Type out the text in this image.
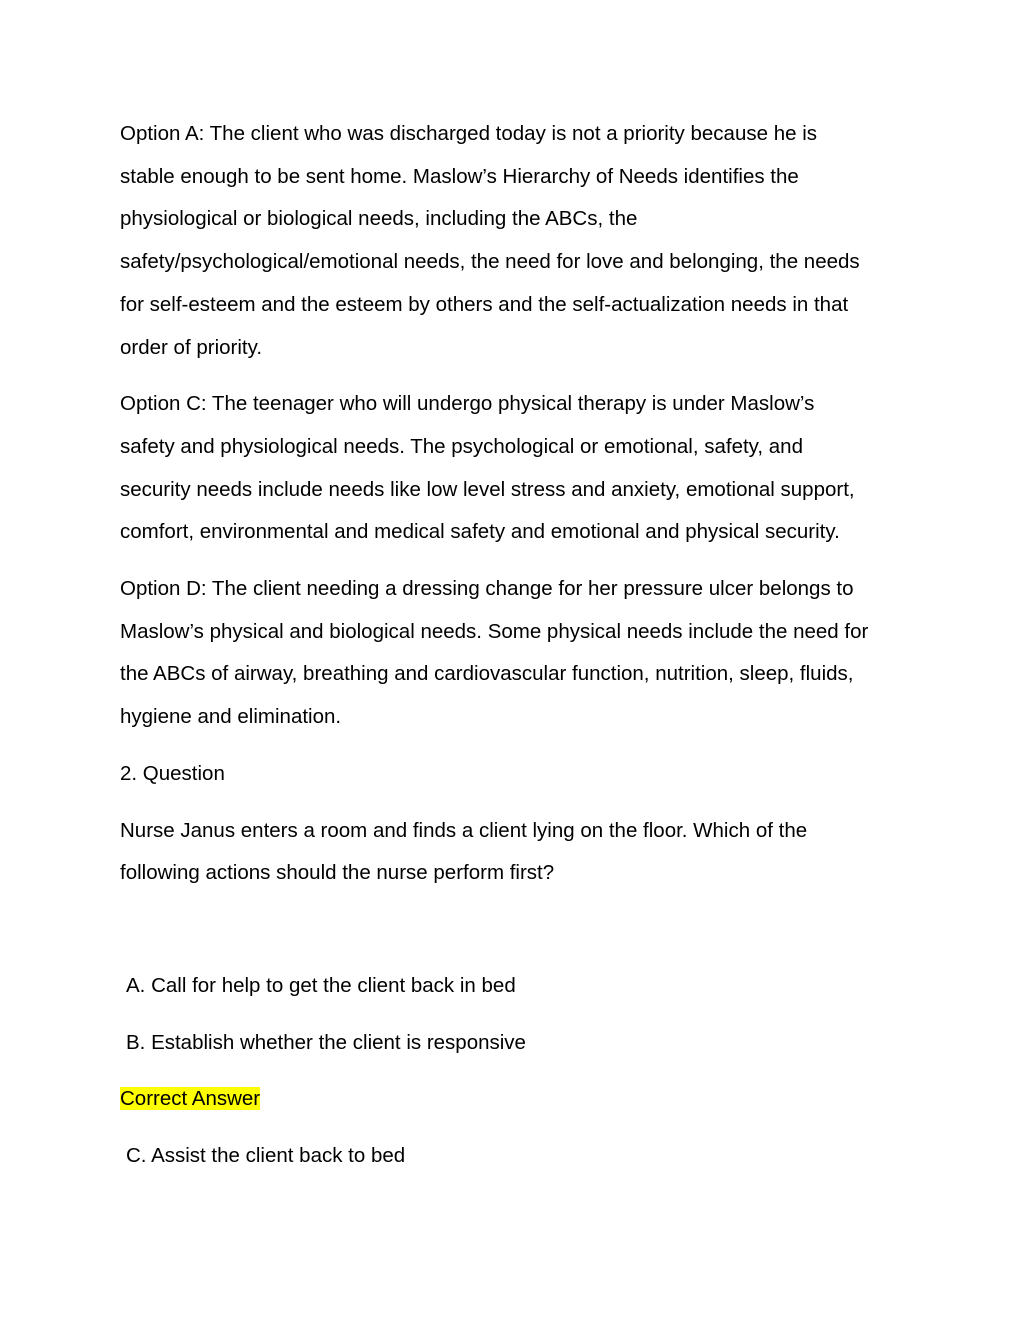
Option A: The client who was discharged today is not a priority because he is
stable enough to be sent home. Maslow’s Hierarchy of Needs identifies the
physiological or biological needs, including the ABCs, the
safety/psychological/emotional needs, the need for love and belonging, the needs
for self-esteem and the esteem by others and the self-actualization needs in that
order of priority.

Option C: The teenager who will undergo physical therapy is under Maslow’s
safety and physiological needs. The psychological or emotional, safety, and
security needs include needs like low level stress and anxiety, emotional support,
comfort, environmental and medical safety and emotional and physical security.

Option D: The client needing a dressing change for her pressure ulcer belongs to
Maslow’s physical and biological needs. Some physical needs include the need for
the ABCs of airway, breathing and cardiovascular function, nutrition, sleep, fluids,
hygiene and elimination.

2. Question

Nurse Janus enters a room and finds a client lying on the floor. Which of the
following actions should the nurse perform first?

A. Call for help to get the client back in bed

B. Establish whether the client is responsive

Correct Answer

C. Assist the client back to bed
